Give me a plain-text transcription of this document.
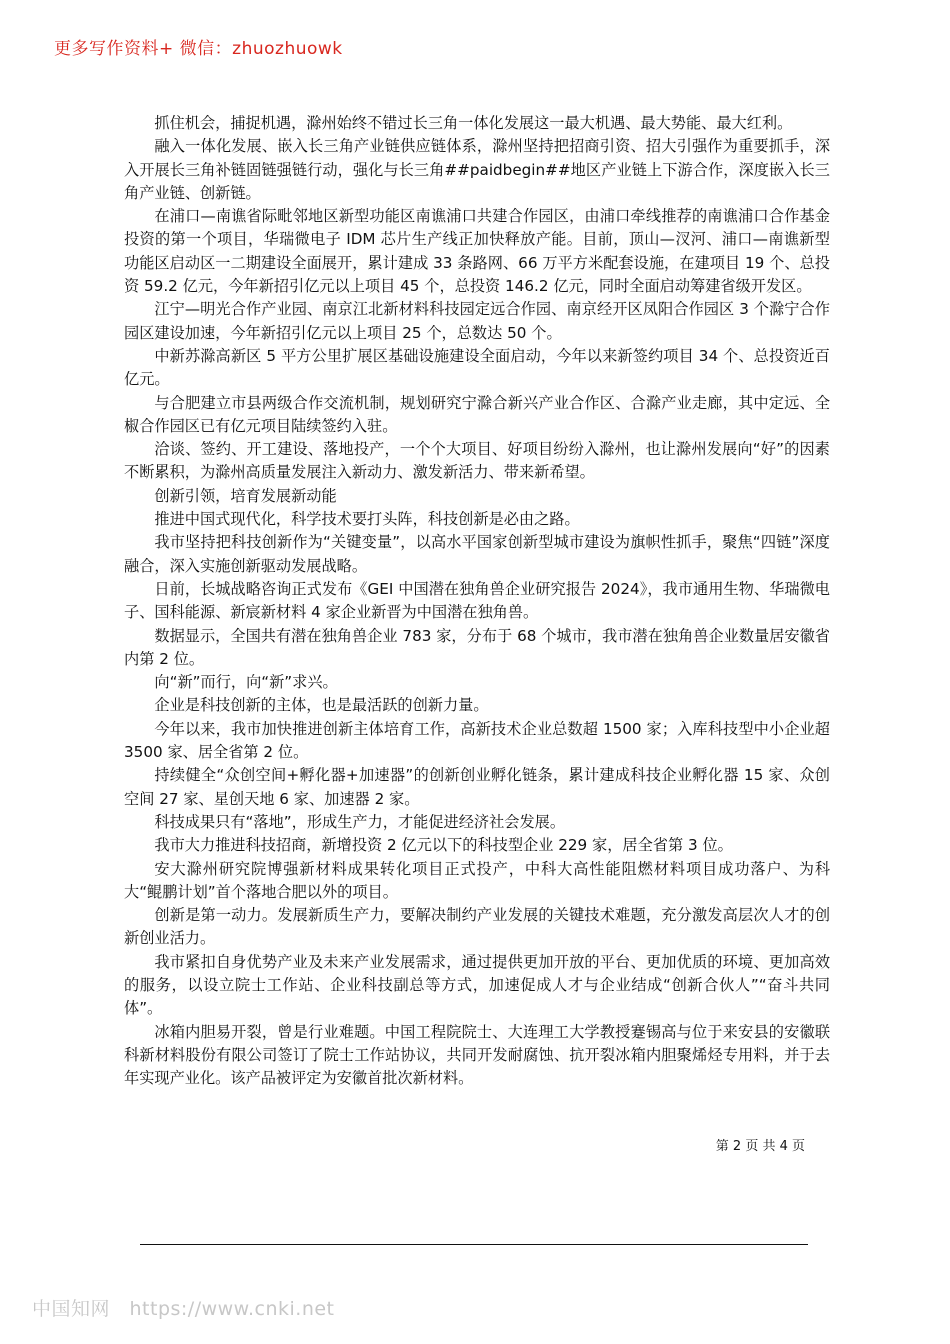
更多写作资料+ 微信：zhuozhuowk

抓住机会，捕捉机遇，滁州始终不错过长三角一体化发展这一最大机遇、最大势能、最大红利。

融入一体化发展、嵌入长三角产业链供应链体系，滁州坚持把招商引资、招大引强作为重要抓手，深入开展长三角补链固链强链行动，强化与长三角##paidbegin##地区产业链上下游合作，深度嵌入长三角产业链、创新链。

在浦口—南谯省际毗邻地区新型功能区南谯浦口共建合作园区，由浦口牵线推荐的南谯浦口合作基金投资的第一个项目，华瑞微电子 IDM 芯片生产线正加快释放产能。目前，顶山—汊河、浦口—南谯新型功能区启动区一二期建设全面展开，累计建成 33 条路网、66 万平方米配套设施，在建项目 19 个、总投资 59.2 亿元，今年新招引亿元以上项目 45 个，总投资 146.2 亿元，同时全面启动筹建省级开发区。

江宁—明光合作产业园、南京江北新材料科技园定远合作园、南京经开区凤阳合作园区 3 个滁宁合作园区建设加速，今年新招引亿元以上项目 25 个，总数达 50 个。

中新苏滁高新区 5 平方公里扩展区基础设施建设全面启动，今年以来新签约项目 34 个、总投资近百亿元。

与合肥建立市县两级合作交流机制，规划研究宁滁合新兴产业合作区、合滁产业走廊，其中定远、全椒合作园区已有亿元项目陆续签约入驻。

洽谈、签约、开工建设、落地投产，一个个大项目、好项目纷纷入滁州，也让滁州发展向“好”的因素不断累积，为滁州高质量发展注入新动力、激发新活力、带来新希望。

创新引领，培育发展新动能

推进中国式现代化，科学技术要打头阵，科技创新是必由之路。

我市坚持把科技创新作为“关键变量”，以高水平国家创新型城市建设为旗帜性抓手，聚焦“四链”深度融合，深入实施创新驱动发展战略。

日前，长城战略咨询正式发布《GEI 中国潜在独角兽企业研究报告 2024》，我市通用生物、华瑞微电子、国科能源、新宸新材料 4 家企业新晋为中国潜在独角兽。

数据显示，全国共有潜在独角兽企业 783 家，分布于 68 个城市，我市潜在独角兽企业数量居安徽省内第 2 位。

向“新”而行，向“新”求兴。

企业是科技创新的主体，也是最活跃的创新力量。

今年以来，我市加快推进创新主体培育工作，高新技术企业总数超 1500 家；入库科技型中小企业超 3500 家、居全省第 2 位。

持续健全“众创空间+孵化器+加速器”的创新创业孵化链条，累计建成科技企业孵化器 15 家、众创空间 27 家、星创天地 6 家、加速器 2 家。

科技成果只有“落地”，形成生产力，才能促进经济社会发展。

我市大力推进科技招商，新增投资 2 亿元以下的科技型企业 229 家，居全省第 3 位。

安大滁州研究院博强新材料成果转化项目正式投产，中科大高性能阻燃材料项目成功落户、为科大“鲲鹏计划”首个落地合肥以外的项目。

创新是第一动力。发展新质生产力，要解决制约产业发展的关键技术难题，充分激发高层次人才的创新创业活力。

我市紧扣自身优势产业及未来产业发展需求，通过提供更加开放的平台、更加优质的环境、更加高效的服务，以设立院士工作站、企业科技副总等方式，加速促成人才与企业结成“创新合伙人”“奋斗共同体”。

冰箱内胆易开裂，曾是行业难题。中国工程院院士、大连理工大学教授蹇锡高与位于来安县的安徽联科新材料股份有限公司签订了院士工作站协议，共同开发耐腐蚀、抗开裂冰箱内胆聚烯烃专用料，并于去年实现产业化。该产品被评定为安徽首批次新材料。

第 2 页 共 4 页
中国知网　https://www.cnki.net
